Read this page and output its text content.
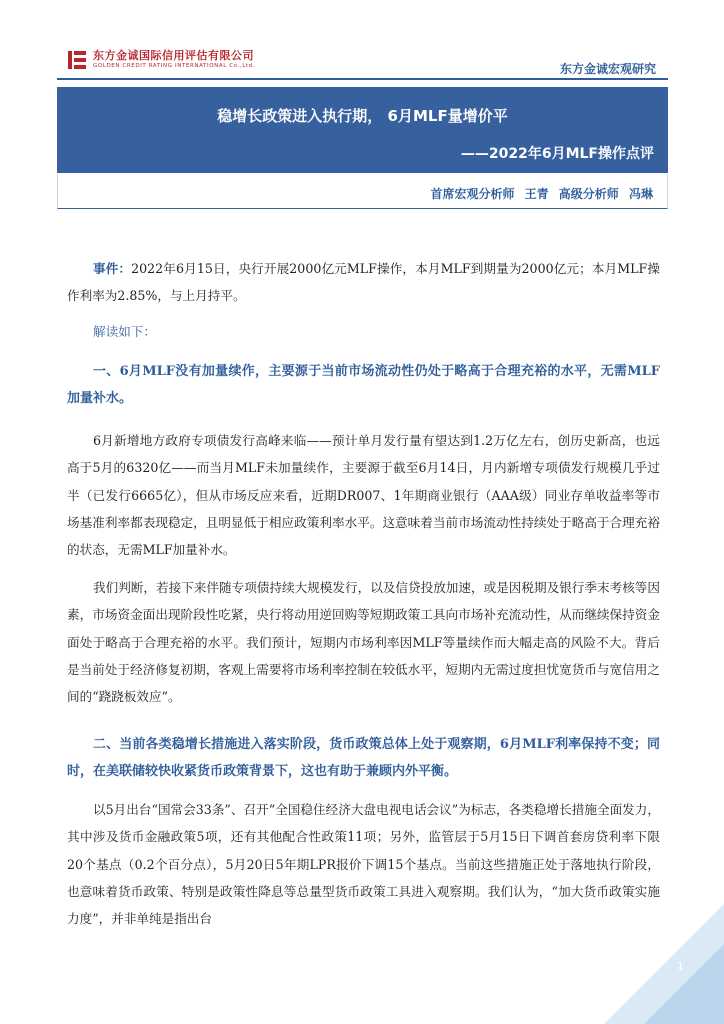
东方金诚国际信用评估有限公司
GOLDEN CREDIT RATING INTERNATIONAL Co.,Ltd.	东方金诚宏观研究
稳增长政策进入执行期， 6月MLF量增价平
——2022年6月MLF操作点评
首席宏观分析师 王青 高级分析师 冯琳
事件：2022年6月15日，央行开展2000亿元MLF操作，本月MLF到期量为2000亿元；本月MLF操作利率为2.85%，与上月持平。
解读如下：
一、6月MLF没有加量续作，主要源于当前市场流动性仍处于略高于合理充裕的水平，无需MLF加量补水。
6月新增地方政府专项债发行高峰来临——预计单月发行量有望达到1.2万亿左右，创历史新高，也远高于5月的6320亿——而当月MLF未加量续作，主要源于截至6月14日，月内新增专项债发行规模几乎过半（已发行6665亿），但从市场反应来看，近期DR007、1年期商业银行（AAA级）同业存单收益率等市场基准利率都表现稳定，且明显低于相应政策利率水平。这意味着当前市场流动性持续处于略高于合理充裕的状态，无需MLF加量补水。
我们判断，若接下来伴随专项债持续大规模发行，以及信贷投放加速，或是因税期及银行季末考核等因素，市场资金面出现阶段性吃紧，央行将动用逆回购等短期政策工具向市场补充流动性，从而继续保持资金面处于略高于合理充裕的水平。我们预计，短期内市场利率因MLF等量续作而大幅走高的风险不大。背后是当前处于经济修复初期，客观上需要将市场利率控制在较低水平，短期内无需过度担忧宽货币与宽信用之间的“跷跷板效应”。
二、当前各类稳增长措施进入落实阶段，货币政策总体上处于观察期，6月MLF利率保持不变；同时，在美联储较快收紧货币政策背景下，这也有助于兼顾内外平衡。
以5月出台“国常会33条”、召开“全国稳住经济大盘电视电话会议”为标志，各类稳增长措施全面发力，其中涉及货币金融政策5项，还有其他配合性政策11项；另外，监管层于5月15日下调首套房贷利率下限20个基点（0.2个百分点），5月20日5年期LPR报价下调15个基点。当前这些措施正处于落地执行阶段，也意味着货币政策、特别是政策性降息等总量型货币政策工具进入观察期。我们认为，“加大货币政策实施力度”，并非单纯是指出台
1
